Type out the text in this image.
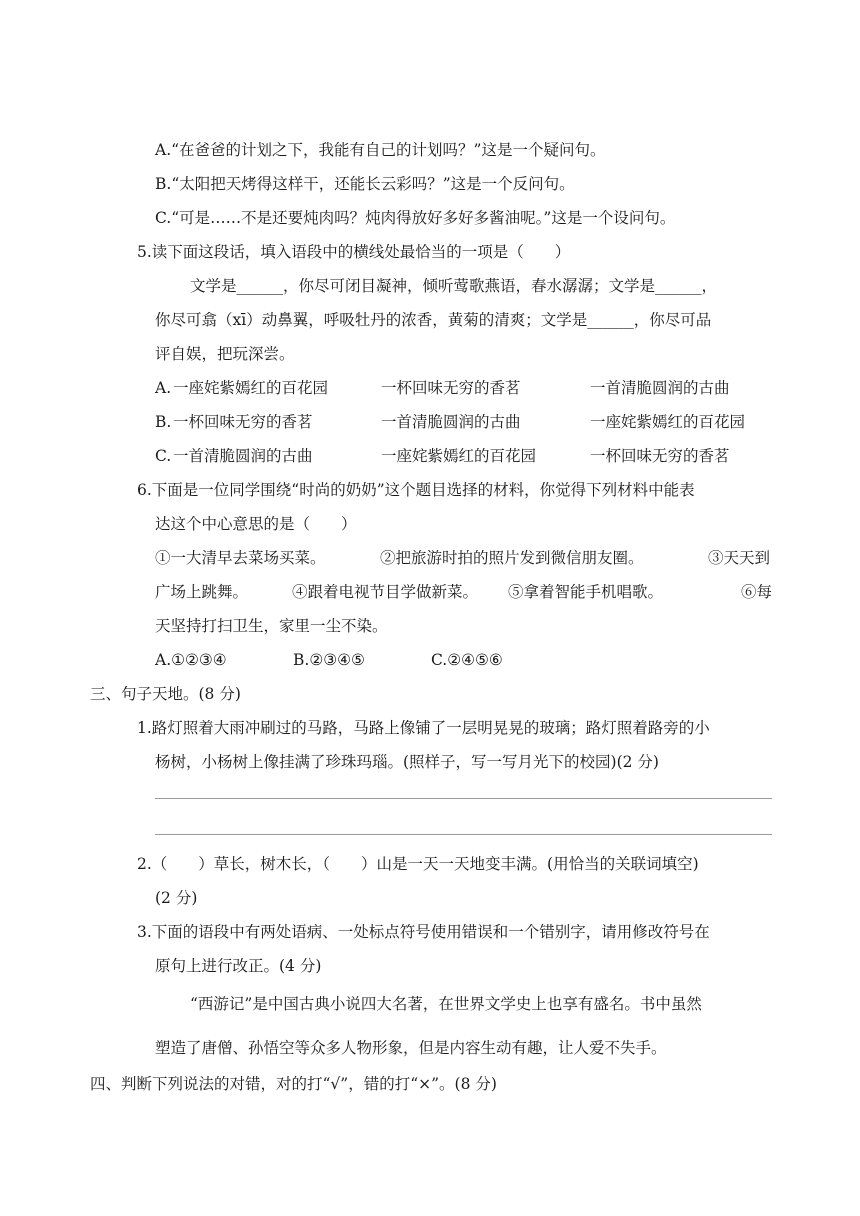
A.“在爸爸的计划之下，我能有自己的计划吗？”这是一个疑问句。
B.“太阳把天烤得这样干，还能长云彩吗？”这是一个反问句。
C.“可是……不是还要炖肉吗？炖肉得放好多好多酱油呢。”这是一个设问句。
5.读下面这段话，填入语段中的横线处最恰当的一项是（　　）
文学是______，你尽可闭目凝神，倾听莺歌燕语，春水潺潺；文学是______，
你尽可翕（xī）动鼻翼，呼吸牡丹的浓香，黄菊的清爽；文学是______，你尽可品
评自娱，把玩深尝。
A. 一座姹紫嫣红的百花园	一杯回味无穷的香茗	一首清脆圆润的古曲
B. 一杯回味无穷的香茗	一首清脆圆润的古曲	一座姹紫嫣红的百花园
C. 一首清脆圆润的古曲	一座姹紫嫣红的百花园	一杯回味无穷的香茗
6.下面是一位同学围绕“时尚的奶奶”这个题目选择的材料，你觉得下列材料中能表
达这个中心意思的是（　　）
①一大清早去菜场买菜。	②把旅游时拍的照片发到微信朋友圈。	③天天到
广场上跳舞。	④跟着电视节目学做新菜。 ⑤拿着智能手机唱歌。	⑥每
天坚持打扫卫生，家里一尘不染。
A.①②③④	B.②③④⑤	C.②④⑤⑥
三、句子天地。(8 分)
1.路灯照着大雨冲刷过的马路，马路上像铺了一层明晃晃的玻璃；路灯照着路旁的小
杨树，小杨树上像挂满了珍珠玛瑙。(照样子，写一写月光下的校园)(2 分)
2.（　　）草长，树木长，（　　）山是一天一天地变丰满。(用恰当的关联词填空)
(2 分)
3.下面的语段中有两处语病、一处标点符号使用错误和一个错别字，请用修改符号在
原句上进行改正。(4 分)
“西游记”是中国古典小说四大名著，在世界文学史上也享有盛名。书中虽然
塑造了唐僧、孙悟空等众多人物形象，但是内容生动有趣，让人爱不失手。
四、判断下列说法的对错，对的打“√”，错的打“×”。(8 分)
